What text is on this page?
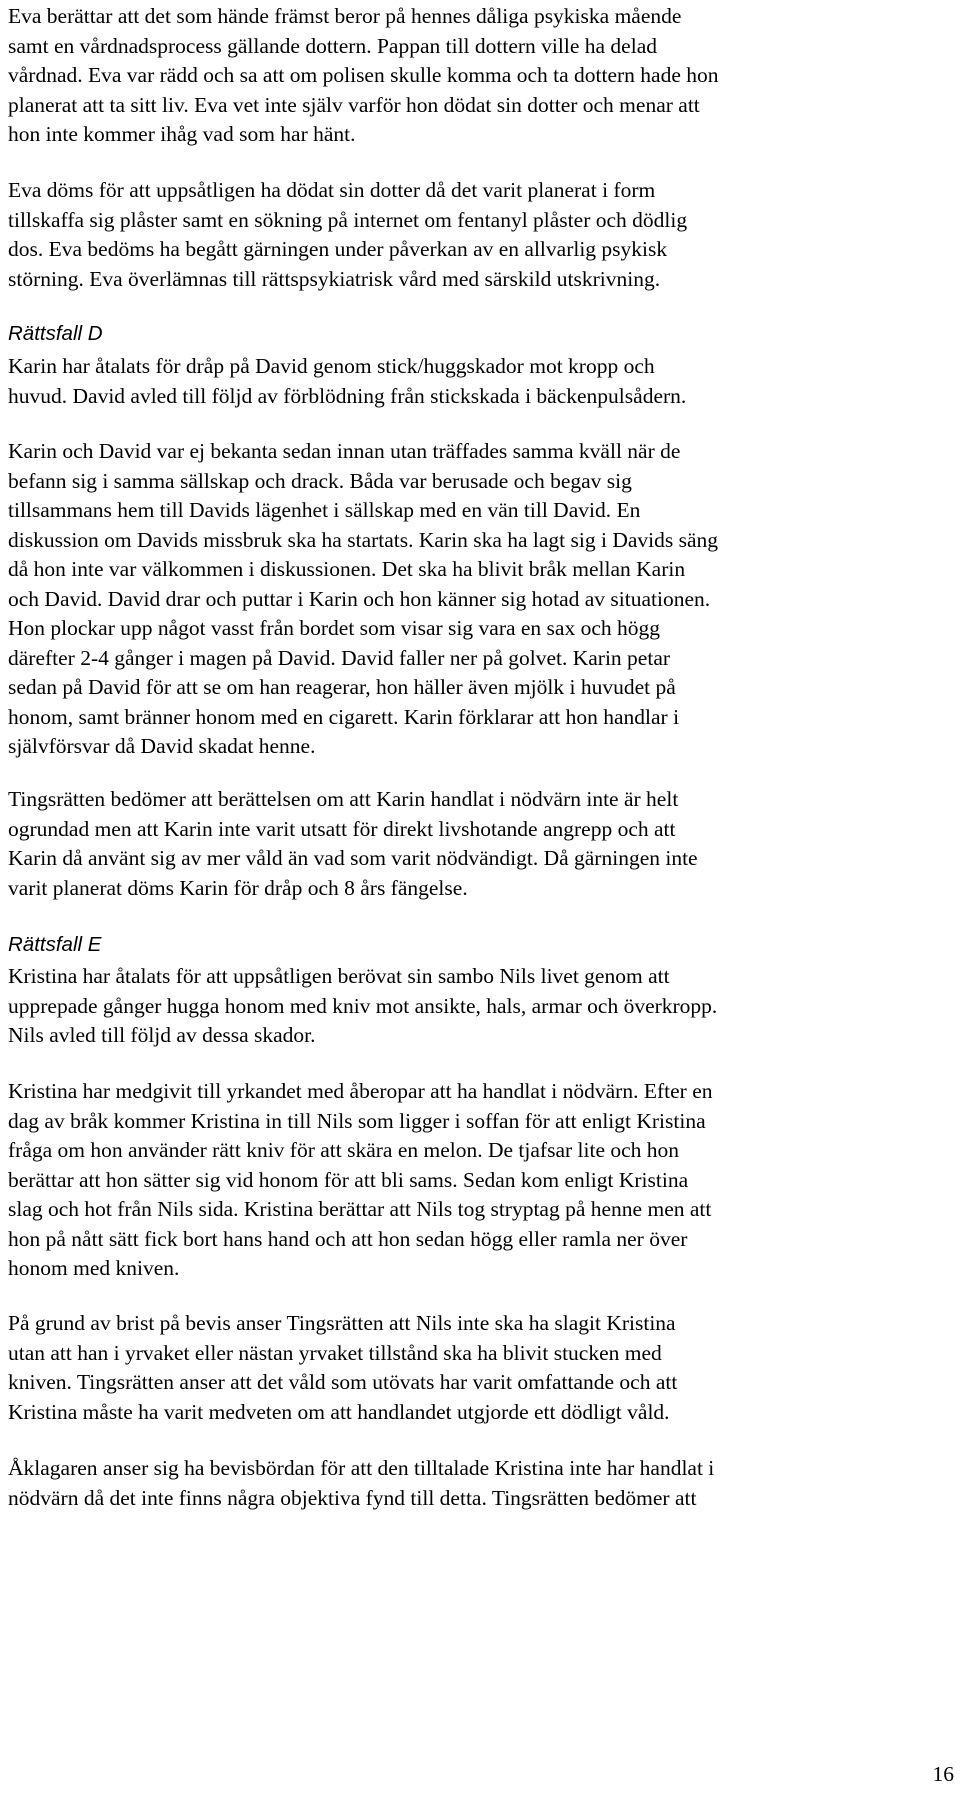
Eva berättar att det som hände främst beror på hennes dåliga psykiska mående
samt en vårdnadsprocess gällande dottern. Pappan till dottern ville ha delad
vårdnad. Eva var rädd och sa att om polisen skulle komma och ta dottern hade hon
planerat att ta sitt liv. Eva vet inte själv varför hon dödat sin dotter och menar att
hon inte kommer ihåg vad som har hänt.
Eva döms för att uppsåtligen ha dödat sin dotter då det varit planerat i form
tillskaffa sig plåster samt en sökning på internet om fentanyl plåster och dödlig
dos. Eva bedöms ha begått gärningen under påverkan av en allvarlig psykisk
störning. Eva överlämnas till rättspsykiatrisk vård med särskild utskrivning.
Rättsfall D
Karin har åtalats för dråp på David genom stick/huggskador mot kropp och
huvud. David avled till följd av förblödning från stickskada i bäckenpulsådern.
Karin och David var ej bekanta sedan innan utan träffades samma kväll när de
befann sig i samma sällskap och drack. Båda var berusade och begav sig
tillsammans hem till Davids lägenhet i sällskap med en vän till David. En
diskussion om Davids missbruk ska ha startats. Karin ska ha lagt sig i Davids säng
då hon inte var välkommen i diskussionen. Det ska ha blivit bråk mellan Karin
och David. David drar och puttar i Karin och hon känner sig hotad av situationen.
Hon plockar upp något vasst från bordet som visar sig vara en sax och högg
därefter 2-4 gånger i magen på David. David faller ner på golvet. Karin petar
sedan på David för att se om han reagerar, hon häller även mjölk i huvudet på
honom, samt bränner honom med en cigarett. Karin förklarar att hon handlar i
självförsvar då David skadat henne.
Tingsrätten bedömer att berättelsen om att Karin handlat i nödvärn inte är helt
ogrundad men att Karin inte varit utsatt för direkt livshotande angrepp och att
Karin då använt sig av mer våld än vad som varit nödvändigt. Då gärningen inte
varit planerat döms Karin för dråp och 8 års fängelse.
Rättsfall E
Kristina har åtalats för att uppsåtligen berövat sin sambo Nils livet genom att
upprepade gånger hugga honom med kniv mot ansikte, hals, armar och överkropp.
Nils avled till följd av dessa skador.
Kristina har medgivit till yrkandet med åberopar att ha handlat i nödvärn. Efter en
dag av bråk kommer Kristina in till Nils som ligger i soffan för att enligt Kristina
fråga om hon använder rätt kniv för att skära en melon. De tjafsar lite och hon
berättar att hon sätter sig vid honom för att bli sams. Sedan kom enligt Kristina
slag och hot från Nils sida. Kristina berättar att Nils tog stryptag på henne men att
hon på nått sätt fick bort hans hand och att hon sedan högg eller ramla ner över
honom med kniven.
På grund av brist på bevis anser Tingsrätten att Nils inte ska ha slagit Kristina
utan att han i yrvaket eller nästan yrvaket tillstånd ska ha blivit stucken med
kniven. Tingsrätten anser att det våld som utövats har varit omfattande och att
Kristina måste ha varit medveten om att handlandet utgjorde ett dödligt våld.
Åklagaren anser sig ha bevisbördan för att den tilltalade Kristina inte har handlat i
nödvärn då det inte finns några objektiva fynd till detta. Tingsrätten bedömer att
16
